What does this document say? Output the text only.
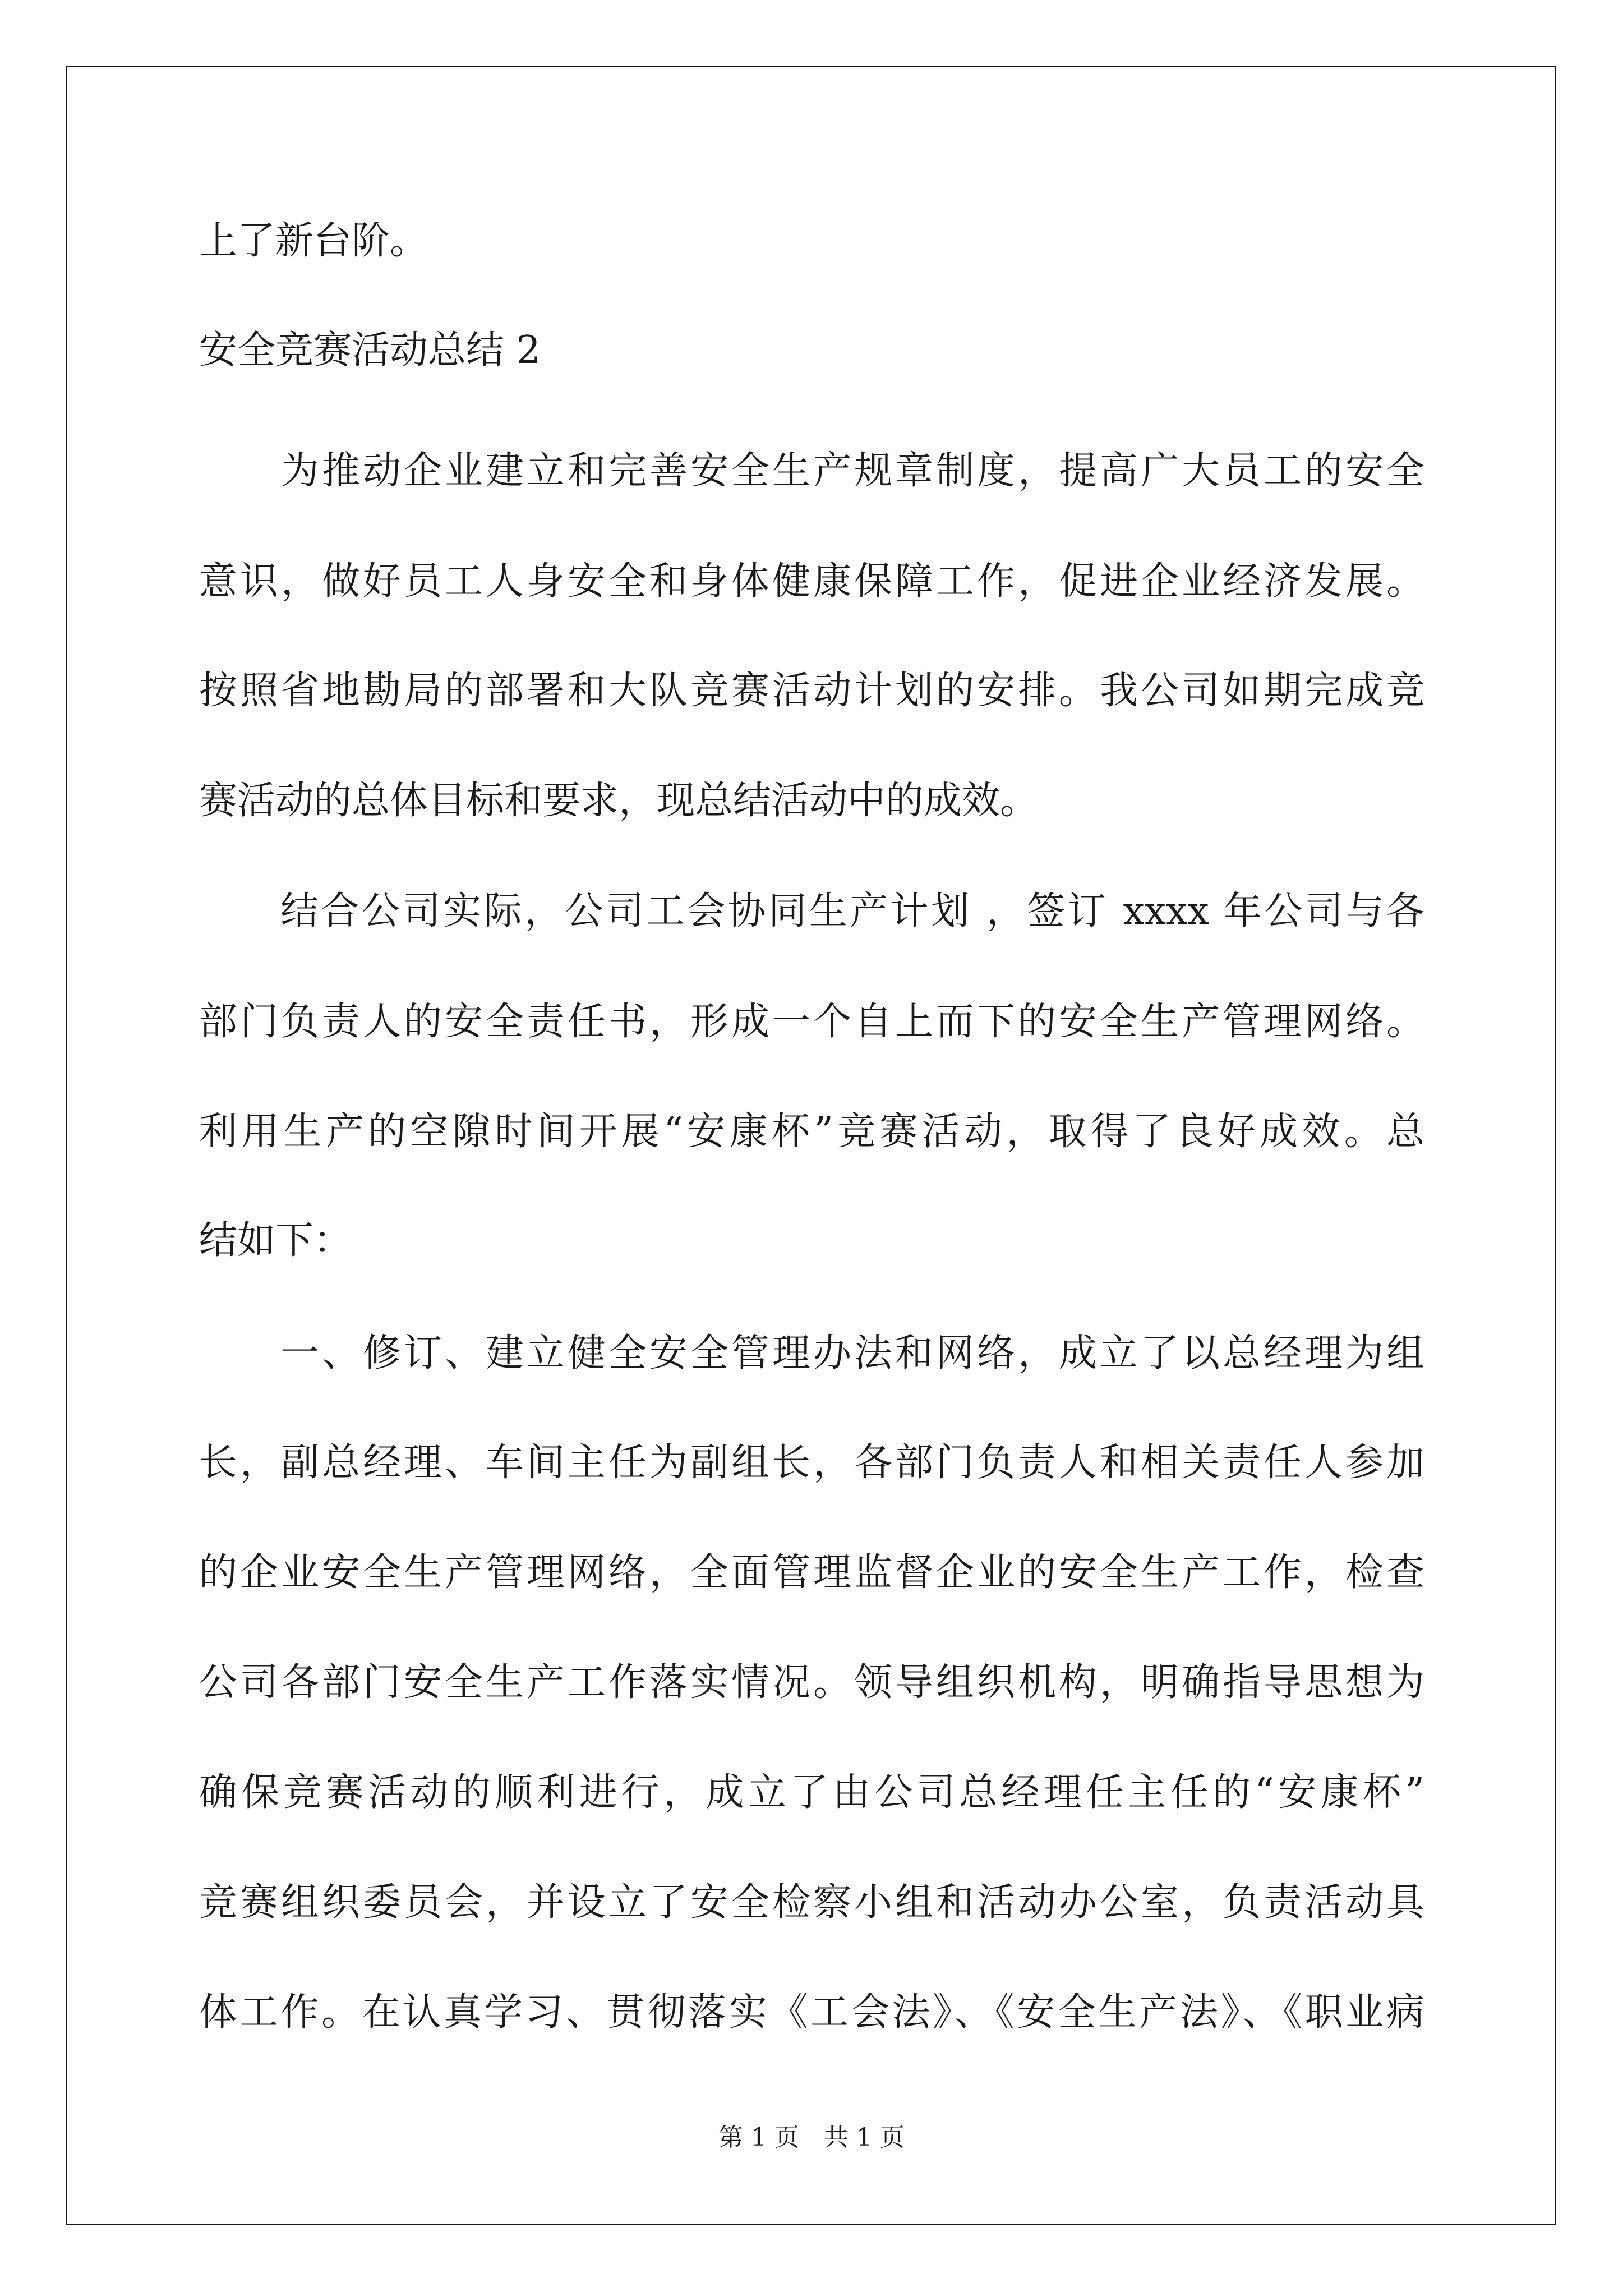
上了新台阶。
安全竞赛活动总结 2
　　为推动企业建立和完善安全生产规章制度，提高广大员工的安全
意识，做好员工人身安全和身体健康保障工作，促进企业经济发展。
按照省地勘局的部署和大队竞赛活动计划的安排。我公司如期完成竞
赛活动的总体目标和要求，现总结活动中的成效。
　　结合公司实际，公司工会协同生产计划 ，签订 xxxx 年公司与各
部门负责人的安全责任书，形成一个自上而下的安全生产管理网络。
利用生产的空隙时间开展“安康杯”竞赛活动，取得了良好成效。总
结如下：
　　一、修订、建立健全安全管理办法和网络，成立了以总经理为组
长，副总经理、车间主任为副组长，各部门负责人和相关责任人参加
的企业安全生产管理网络，全面管理监督企业的安全生产工作，检查
公司各部门安全生产工作落实情况。领导组织机构，明确指导思想为
确保竞赛活动的顺利进行，成立了由公司总经理任主任的“安康杯”
竞赛组织委员会，并设立了安全检察小组和活动办公室，负责活动具
体工作。在认真学习、贯彻落实《工会法》、《安全生产法》、《职业病
第 1 页　共 1 页
